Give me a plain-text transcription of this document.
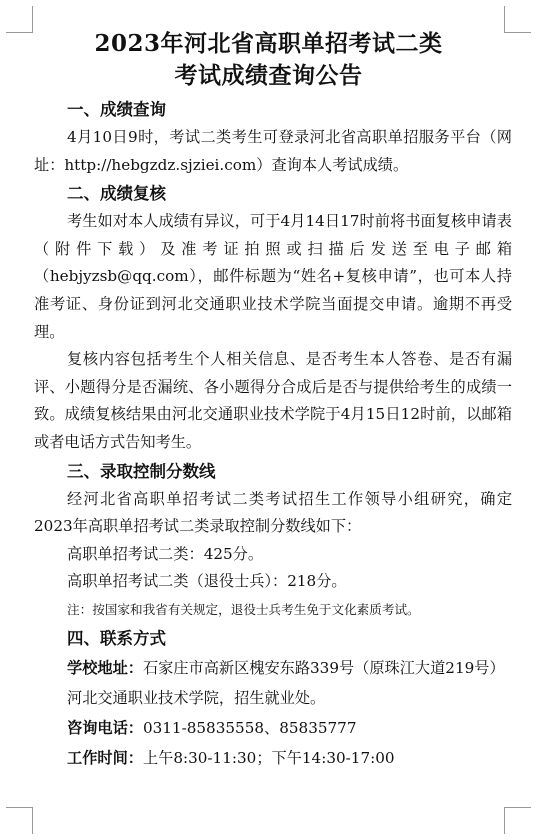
2023年河北省高职单招考试二类
考试成绩查询公告
一、成绩查询

4月10日9时，考试二类考生可登录河北省高职单招服务平台（网址：http://hebgzdz.sjziei.com）查询本人考试成绩。

二、成绩复核

考生如对本人成绩有异议，可于4月14日17时前将书面复核申请表（附件下载）及准考证拍照或扫描后发送至电子邮箱（hebjyzsb@qq.com），邮件标题为“姓名+复核申请”，也可本人持准考证、身份证到河北交通职业技术学院当面提交申请。逾期不再受理。

复核内容包括考生个人相关信息、是否考生本人答卷、是否有漏评、小题得分是否漏统、各小题得分合成后是否与提供给考生的成绩一致。成绩复核结果由河北交通职业技术学院于4月15日12时前，以邮箱或者电话方式告知考生。

三、录取控制分数线

经河北省高职单招考试二类考试招生工作领导小组研究，确定2023年高职单招考试二类录取控制分数线如下：

高职单招考试二类：425分。

高职单招考试二类（退役士兵）：218分。

注：按国家和我省有关规定，退役士兵考生免于文化素质考试。

四、联系方式

学校地址：石家庄市高新区槐安东路339号（原珠江大道219号）河北交通职业技术学院，招生就业处。

咨询电话：0311-85835558、85835777

工作时间：上午8:30-11:30；下午14:30-17:00
